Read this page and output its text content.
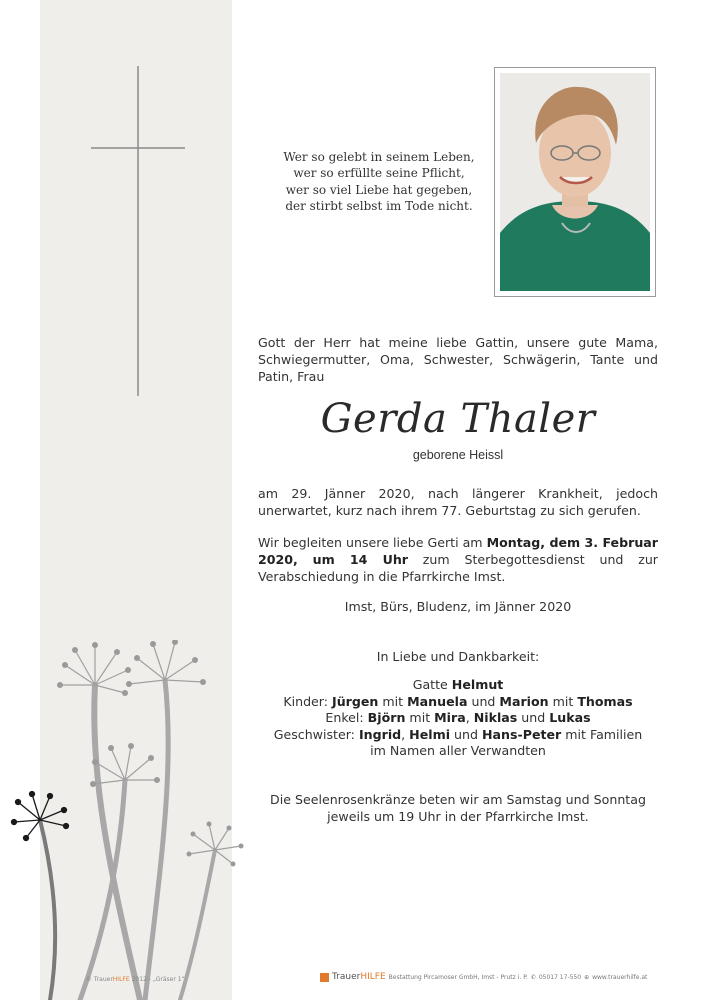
Wer so gelebt in seinem Leben,
wer so erfüllte seine Pflicht,
wer so viel Liebe hat gegeben,
der stirbt selbst im Tode nicht.
Gott der Herr hat meine liebe Gattin, unsere gute Mama, Schwiegermutter, Oma, Schwester, Schwägerin, Tante und Patin, Frau
Gerda Thaler
geborene Heissl
am 29. Jänner 2020, nach längerer Krankheit, jedoch unerwartet, kurz nach ihrem 77. Geburtstag zu sich gerufen.
Wir begleiten unsere liebe Gerti am Montag, dem 3. Februar 2020, um 14 Uhr zum Sterbegottesdienst und zur Verabschiedung in die Pfarrkirche Imst.
Imst, Bürs, Bludenz, im Jänner 2020
In Liebe und Dankbarkeit:
Gatte Helmut
Kinder: Jürgen mit Manuela und Marion mit Thomas
Enkel: Björn mit Mira, Niklas und Lukas
Geschwister: Ingrid, Helmi und Hans-Peter mit Familien
im Namen aller Verwandten
Die Seelenrosenkränze beten wir am Samstag und Sonntag jeweils um 19 Uhr in der Pfarrkirche Imst.
© TrauerHILFE 2012 - „Gräser 1“	TrauerHILFE Bestattung Pircamoser GmbH, Imst - Prutz i. P. ✆ 05017 17-550 ⊕ www.trauerhilfe.at
